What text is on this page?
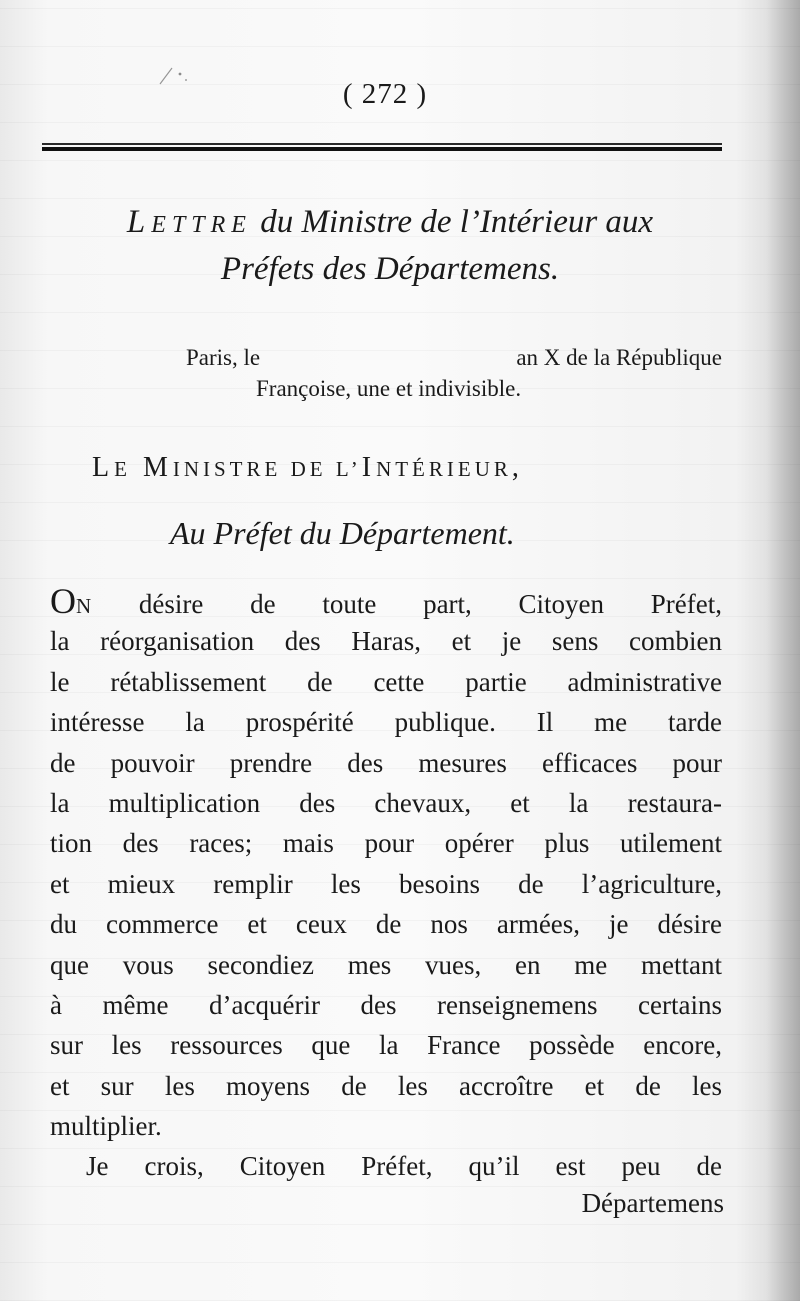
( 272 )
LETTRE du Ministre de l’Intérieur aux
Préfets des Départemens.
Paris, le	an X de la République
Françoise, une et indivisible.
LE MINISTRE DE L’INTÉRIEUR,
Au Préfet du Département.
ON désire de toute part, Citoyen Préfet,
la réorganisation des Haras, et je sens combien
le rétablissement de cette partie administrative
intéresse la prospérité publique. Il me tarde
de pouvoir prendre des mesures efficaces pour
la multiplication des chevaux, et la restaura-
tion des races; mais pour opérer plus utilement
et mieux remplir les besoins de l’agriculture,
du commerce et ceux de nos armées, je désire
que vous secondiez mes vues, en me mettant
à même d’acquérir des renseignemens certains
sur les ressources que la France possède encore,
et sur les moyens de les accroître et de les
multiplier.
Je crois, Citoyen Préfet, qu’il est peu de
Départemens
